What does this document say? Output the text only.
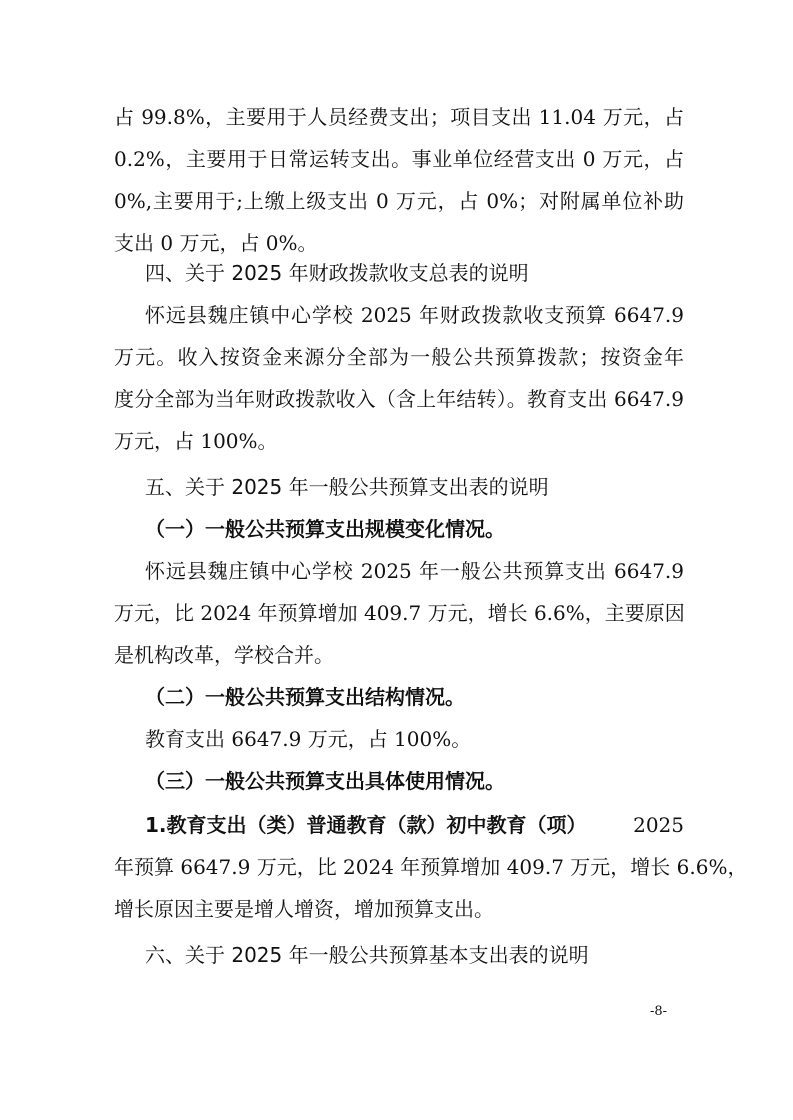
占 99.8%，主要用于人员经费支出；项目支出 11.04 万元，占
0.2%，主要用于日常运转支出。事业单位经营支出 0 万元，占
0%,主要用于;上缴上级支出 0 万元，占 0%；对附属单位补助
支出 0 万元，占 0%。
四、关于 2025 年财政拨款收支总表的说明
怀远县魏庄镇中心学校 2025 年财政拨款收支预算 6647.9
万元。收入按资金来源分全部为一般公共预算拨款；按资金年
度分全部为当年财政拨款收入（含上年结转）。教育支出 6647.9
万元，占 100%。
五、关于 2025 年一般公共预算支出表的说明
（一）一般公共预算支出规模变化情况。
怀远县魏庄镇中心学校 2025 年一般公共预算支出 6647.9
万元，比 2024 年预算增加 409.7 万元，增长 6.6%，主要原因
是机构改革，学校合并。
（二）一般公共预算支出结构情况。
教育支出 6647.9 万元，占 100%。
（三）一般公共预算支出具体使用情况。
1.教育支出（类）普通教育（款）初中教育（项） 2025
年预算 6647.9 万元，比 2024 年预算增加 409.7 万元，增长 6.6%，
增长原因主要是增人增资，增加预算支出。
六、关于 2025 年一般公共预算基本支出表的说明
-8-
